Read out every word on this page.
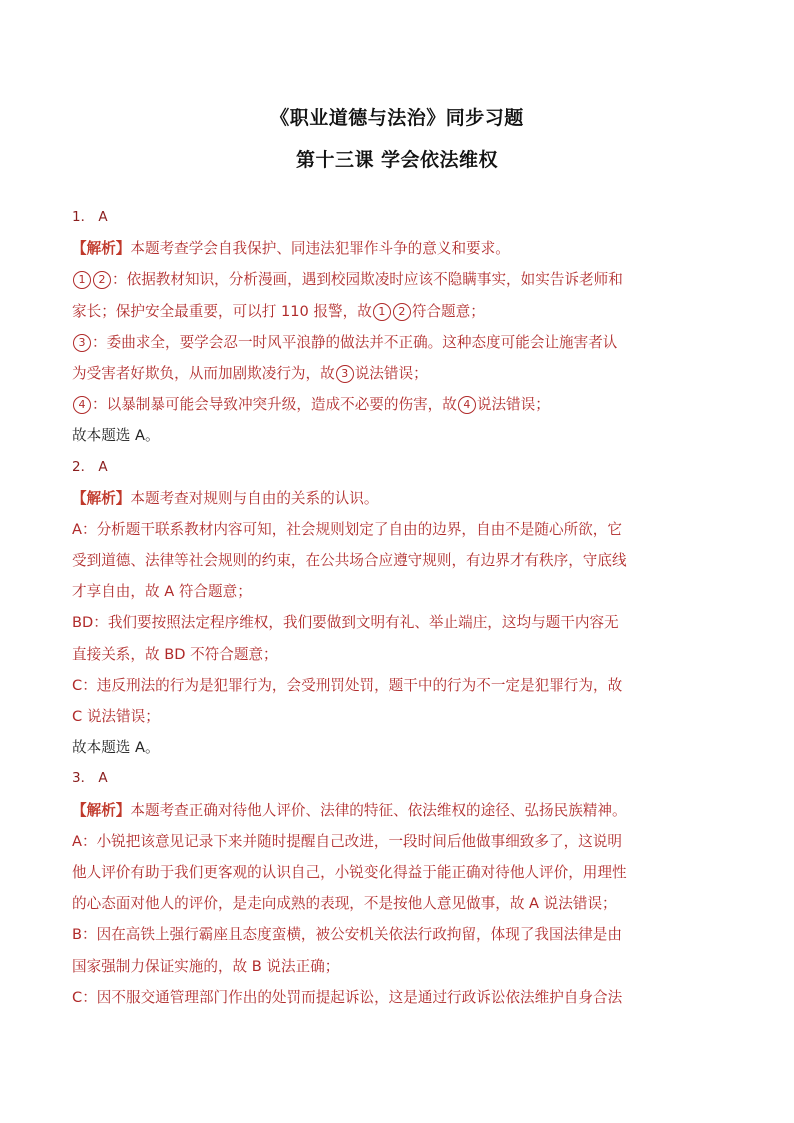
《职业道德与法治》同步习题
第十三课 学会依法维权
1． A
【解析】本题考查学会自我保护、同违法犯罪作斗争的意义和要求。
1 2 ：依据教材知识，分析漫画，遇到校园欺凌时应该不隐瞒事实，如实告诉老师和
家长；保护安全最重要，可以打 110 报警，故 1 2 符合题意；
3 ：委曲求全，要学会忍一时风平浪静的做法并不正确。这种态度可能会让施害者认
为受害者好欺负，从而加剧欺凌行为，故 3 说法错误；
4 ：以暴制暴可能会导致冲突升级，造成不必要的伤害，故 4 说法错误；
故本题选 A。
2． A
【解析】本题考查对规则与自由的关系的认识。
A：分析题干联系教材内容可知，社会规则划定了自由的边界，自由不是随心所欲，它
受到道德、法律等社会规则的约束，在公共场合应遵守规则，有边界才有秩序，守底线
才享自由，故 A 符合题意；
BD：我们要按照法定程序维权，我们要做到文明有礼、举止端庄，这均与题干内容无
直接关系，故 BD 不符合题意；
C：违反刑法的行为是犯罪行为，会受刑罚处罚，题干中的行为不一定是犯罪行为，故
C 说法错误；
故本题选 A。
3． A
【解析】本题考查正确对待他人评价、法律的特征、依法维权的途径、弘扬民族精神。
A：小锐把该意见记录下来并随时提醒自己改进，一段时间后他做事细致多了，这说明
他人评价有助于我们更客观的认识自己，小锐变化得益于能正确对待他人评价，用理性
的心态面对他人的评价，是走向成熟的表现，不是按他人意见做事，故 A 说法错误；
B：因在高铁上强行霸座且态度蛮横，被公安机关依法行政拘留，体现了我国法律是由
国家强制力保证实施的，故 B 说法正确；
C：因不服交通管理部门作出的处罚而提起诉讼，这是通过行政诉讼依法维护自身合法
